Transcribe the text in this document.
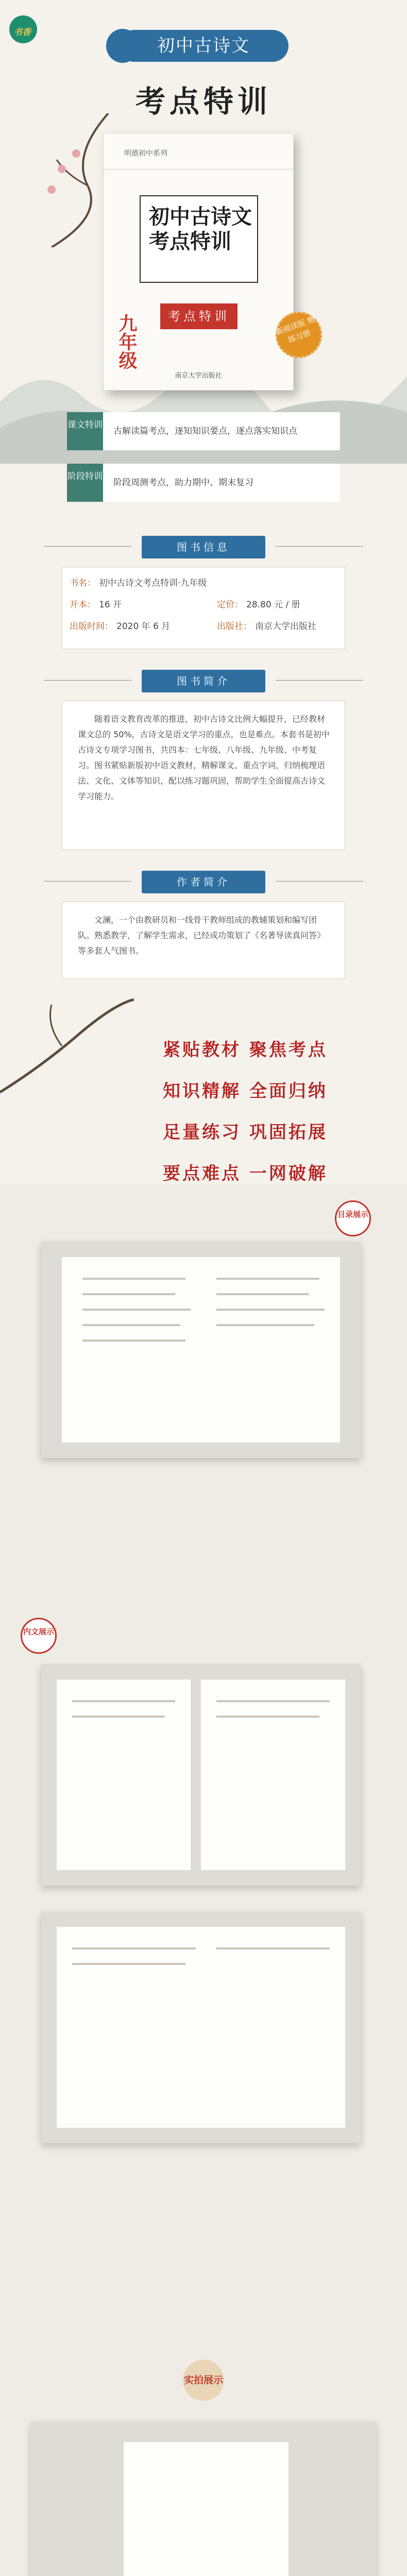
书香
初中古诗文
考点特训
明德初中系列
初中古诗文考点特训
考点特训
九年级
南京大学出版社
新阅读版 赠练习册
课文特训
古解读篇考点，逐知知识要点，逐点落实知识点
阶段特训
阶段周测考点，助力期中、期末复习
图书信息
书名： 初中古诗文考点特训·九年级
开本： 16 开	定价： 28.80 元 / 册
出版时间： 2020 年 6 月	出版社： 南京大学出版社
图书简介
随着语文教育改革的推进，初中古诗文比例大幅提升，已经教材课文总的 50%，古诗文是语文学习的重点，也是难点。本套书是初中古诗文专项学习图书，共四本：七年级、八年级、九年级、中考复习。图书紧贴新版初中语文教材，精解课文、重点字词，归纳梳理语法、文化、文体等知识，配以练习题巩固，帮助学生全面提高古诗文学习能力。
作者简介
文澜，一个由教研员和一线骨干教师组成的教辅策划和编写团队。熟悉教学，了解学生需求，已经成功策划了《名著导读真问答》等多套人气图书。
紧贴教材 聚焦考点
知识精解 全面归纳
足量练习 巩固拓展
要点难点 一网破解
目录展示
内文展示
实拍展示
